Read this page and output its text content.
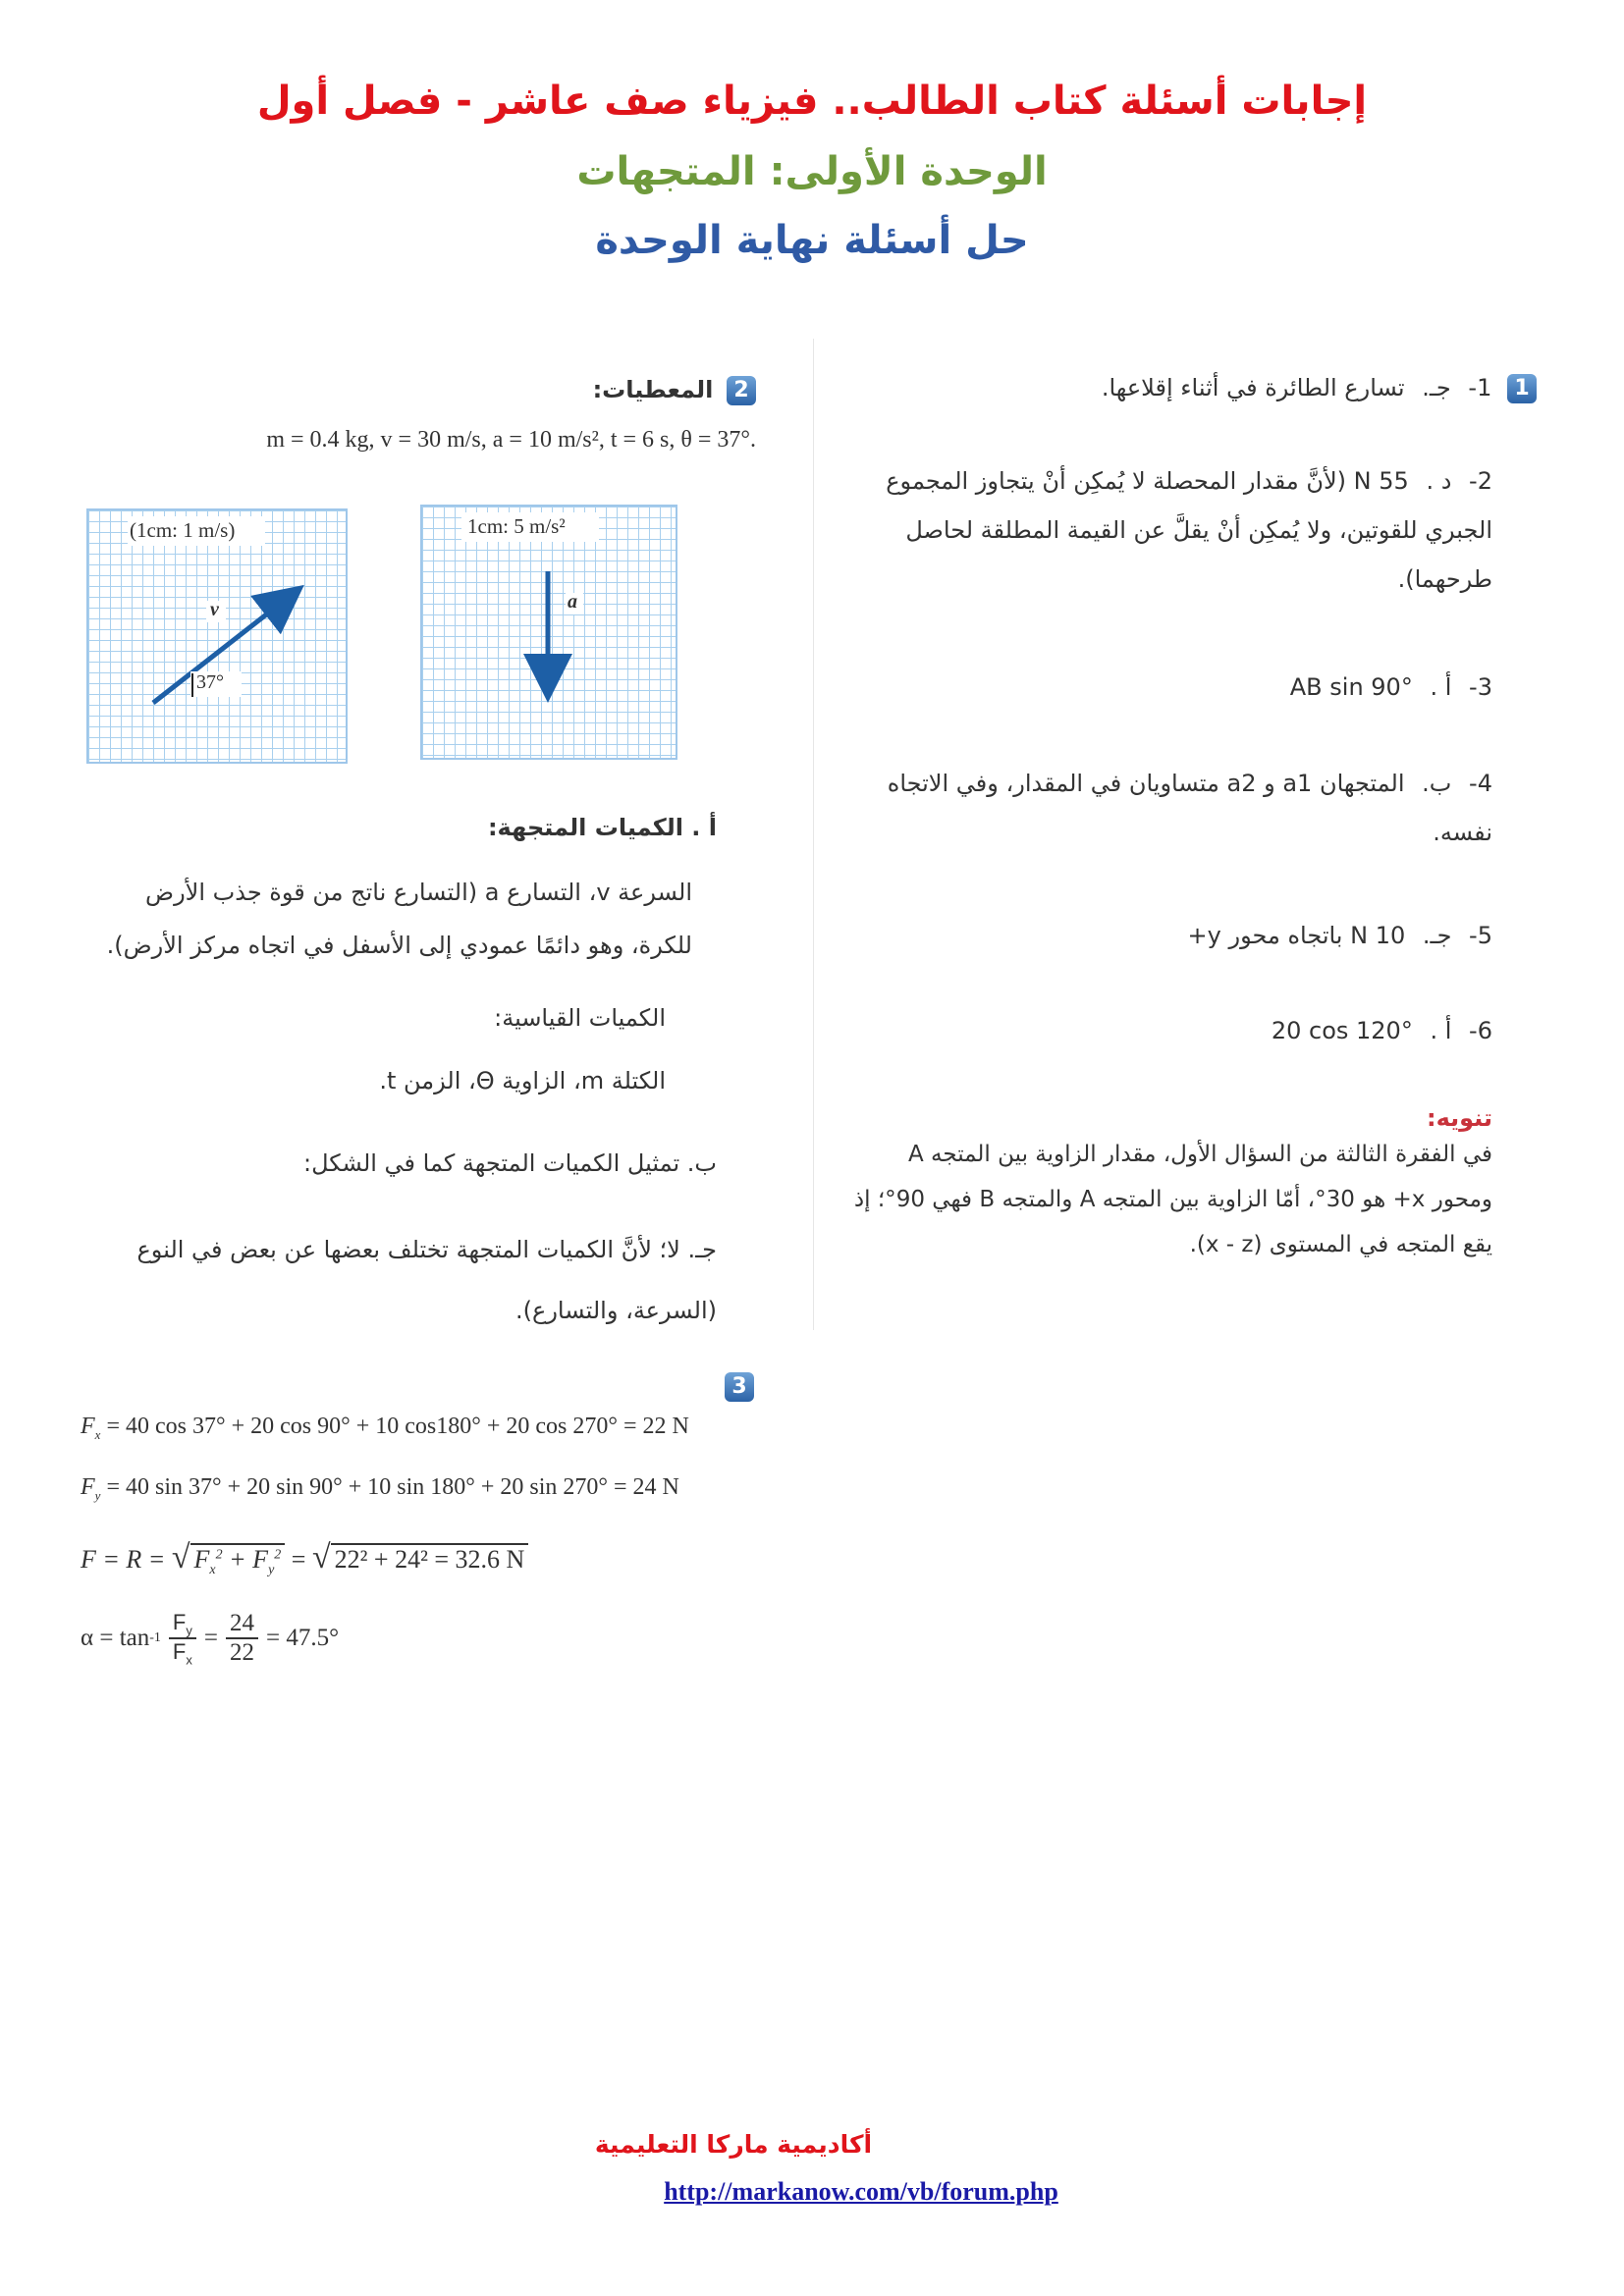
إجابات أسئلة كتاب الطالب.. فيزياء صف عاشر - فصل أول
الوحدة الأولى: المتجهات
حل أسئلة نهاية الوحدة
1 1- جـ. تسارع الطائرة في أثناء إقلاعها.
2- د . 55 N (لأنَّ مقدار المحصلة لا يُمكِن أنْ يتجاوز المجموع الجبري للقوتين، ولا يُمكِن أنْ يقلَّ عن القيمة المطلقة لحاصل طرحهما).
3- أ . AB sin 90°
4- ب. المتجهان a1 و a2 متساويان في المقدار، وفي الاتجاه نفسه.
5- جـ. 10 N باتجاه محور y+
6- أ . 20 cos 120°
تنويه:
في الفقرة الثالثة من السؤال الأول، مقدار الزاوية بين المتجه A ومحور x+ هو 30°، أمّا الزاوية بين المتجه A والمتجه B فهي 90°؛ إذ يقع المتجه في المستوى (x - z).
2 المعطيات:
m = 0.4 kg, v = 30 m/s, a = 10 m/s², t = 6 s, θ = 37°.
(1cm: 1 m/s)
v
37°
1cm: 5 m/s²
a
أ . الكميات المتجهة:
السرعة v، التسارع a (التسارع ناتج من قوة جذب الأرض للكرة، وهو دائمًا عمودي إلى الأسفل في اتجاه مركز الأرض).
الكميات القياسية:
الكتلة m، الزاوية Θ، الزمن t.
ب. تمثيل الكميات المتجهة كما في الشكل:
جـ. لا؛ لأنَّ الكميات المتجهة تختلف بعضها عن بعض في النوع (السرعة، والتسارع).
3
$F_x = 40$ cos 37° + 20 cos 90° + 10 cos180° + 20 cos 270° = 22 N
$F_y = 40$ sin 37° + 20 sin 90° + 10 sin 180° + 20 sin 270° = 24 N
F = R = √ $F_x^2 + F_y^2$ = √ 22² + 24² = 32.6 N
$\alpha = \tan -1 \frac{F_y}{F_x} = \frac{24}{22} = 47.5^\circ$
أكاديمية ماركا التعليمية
http://markanow.com/vb/forum.php
